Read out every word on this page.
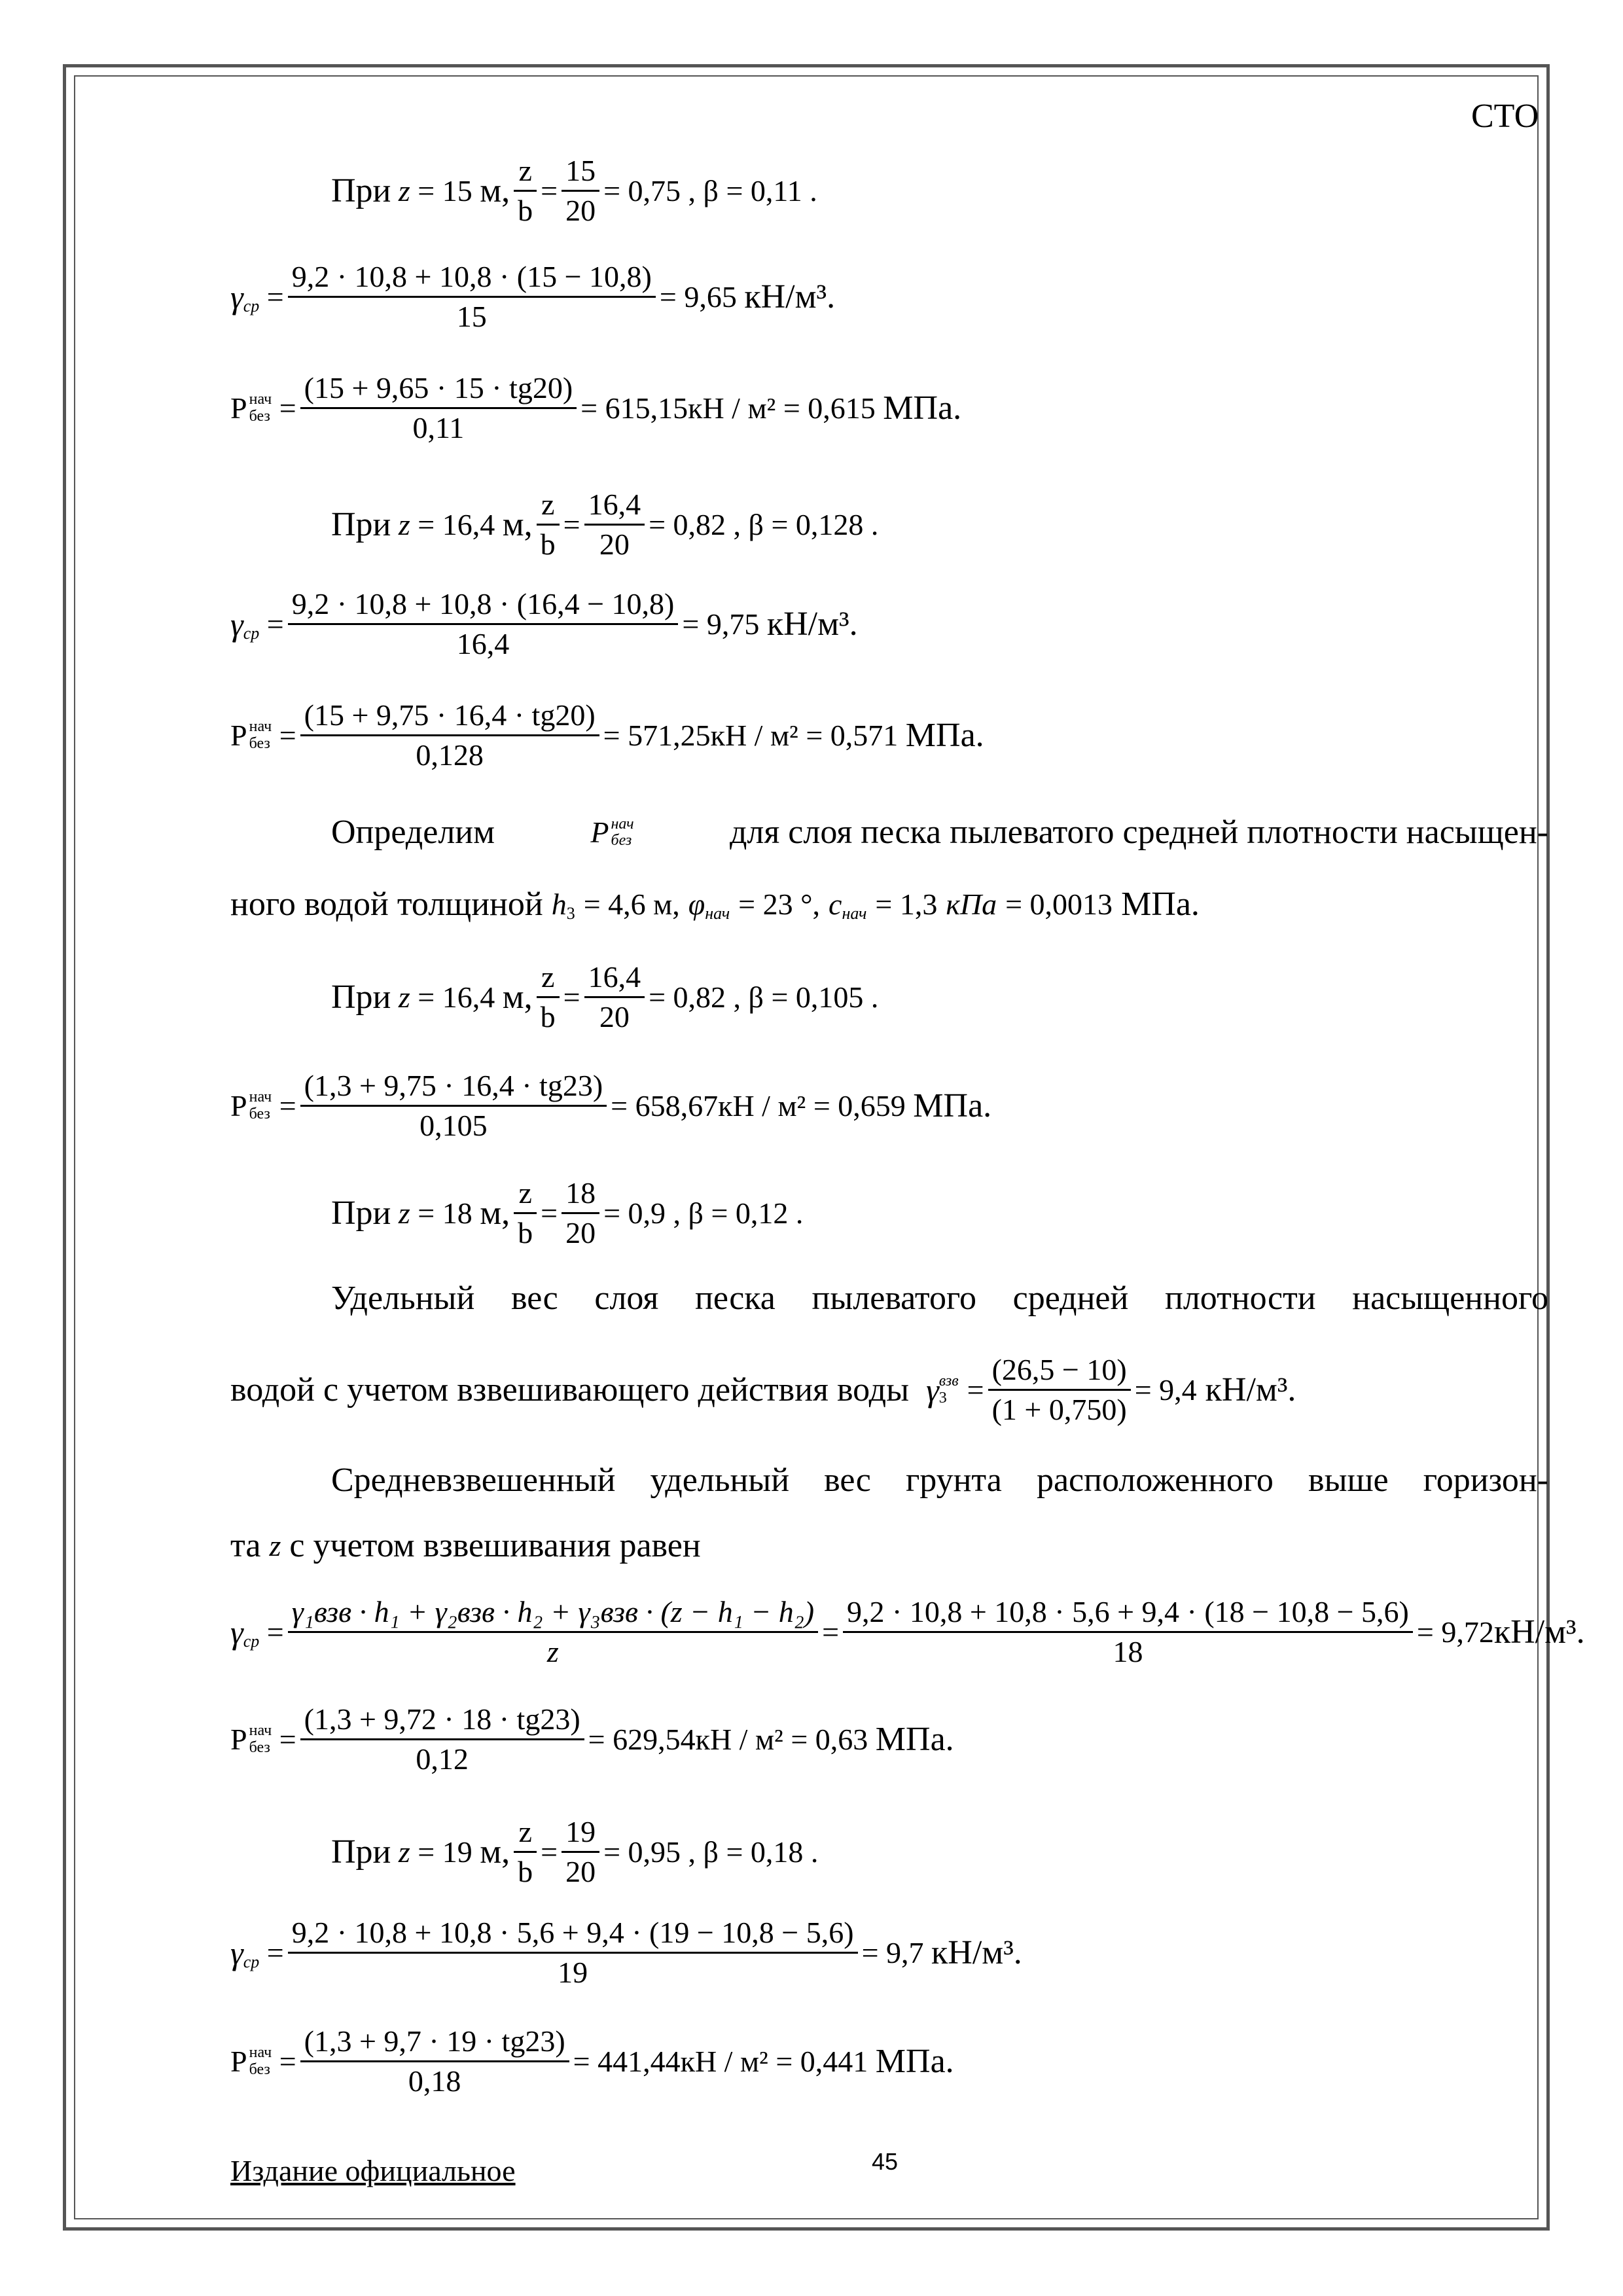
СТО
При
z
= 15
м, $\frac{z}{b} = \frac{15}{20} = 0,75$ , β = 0,11 .
γ ср
= $\frac{9,2 \cdot 10,8 + 10,8 \cdot (15 - 10,8)}{15} = 9,65$
кН/м³.
P нач
без
= $\frac{(15 + 9,65 \cdot 15 \cdot tg20)}{0,11} = 615,15кН / м^2 = 0,615$
МПа.
При
z
= 16,4
м, $\frac{z}{b} = \frac{16,4}{20} = 0,82$ , β = 0,128 .
γ ср
= $\frac{9,2 \cdot 10,8 + 10,8 \cdot (16,4 - 10,8)}{16,4} = 9,75$
кН/м³.
P нач
без
= $\frac{(15 + 9,75 \cdot 16,4 \cdot tg20)}{0,128} = 571,25кН / м^2 = 0,571$
МПа.
Определим	P нач
без	для слоя песка пылеватого средней плотности насыщен-
ного водой толщиной
h 3
= 4,6 м,
φ нач
= 23 °,
c нач
= 1,3
кПа
= 0,0013
МПа.
При
z
= 16,4
м, $\frac{z}{b} = \frac{16,4}{20} = 0,82$ , β = 0,105 .
P нач
без
= $\frac{(1,3 + 9,75 \cdot 16,4 \cdot tg23)}{0,105} = 658,67кН / м^2 = 0,659$
МПа.
При
z
= 18
м, $\frac{z}{b} = \frac{18}{20} = 0,9$ , β = 0,12 .
Удельный вес слоя песка пылеватого средней плотности насыщенного
водой с учетом взвешивающего действия воды
γ взв
3
= $\frac{(26,5 - 10)}{(1 + 0,750)} = 9,4$
кН/м³.
Средневзвешенный удельный вес грунта расположенного выше горизон-
та
z
с учетом взвешивания равен
γ ср
= $\frac{\text{γ₁взв · h₁ + γ₂взв · h₂ + γ₃взв · (z − h₁ − h₂)}}{z} = \frac{9,2 \cdot 10,8 + 10,8 \cdot 5,6 + 9,4 \cdot (18 - 10,8 - 5,6)}{18} = 9,72$ кН/м³.
P нач
без
= $\frac{(1,3 + 9,72 \cdot 18 \cdot tg23)}{0,12} = 629,54кН / м^2 = 0,63$
МПа.
При
z
= 19
м, $\frac{z}{b} = \frac{19}{20} = 0,95$ , β = 0,18 .
γ ср
= $\frac{9,2 \cdot 10,8 + 10,8 \cdot 5,6 + 9,4 \cdot (19 - 10,8 - 5,6)}{19} = 9,7$
кН/м³.
P нач
без
= $\frac{(1,3 + 9,7 \cdot 19 \cdot tg23)}{0,18} = 441,44кН / м^2 = 0,441$
МПа.
Издание официальное	45
